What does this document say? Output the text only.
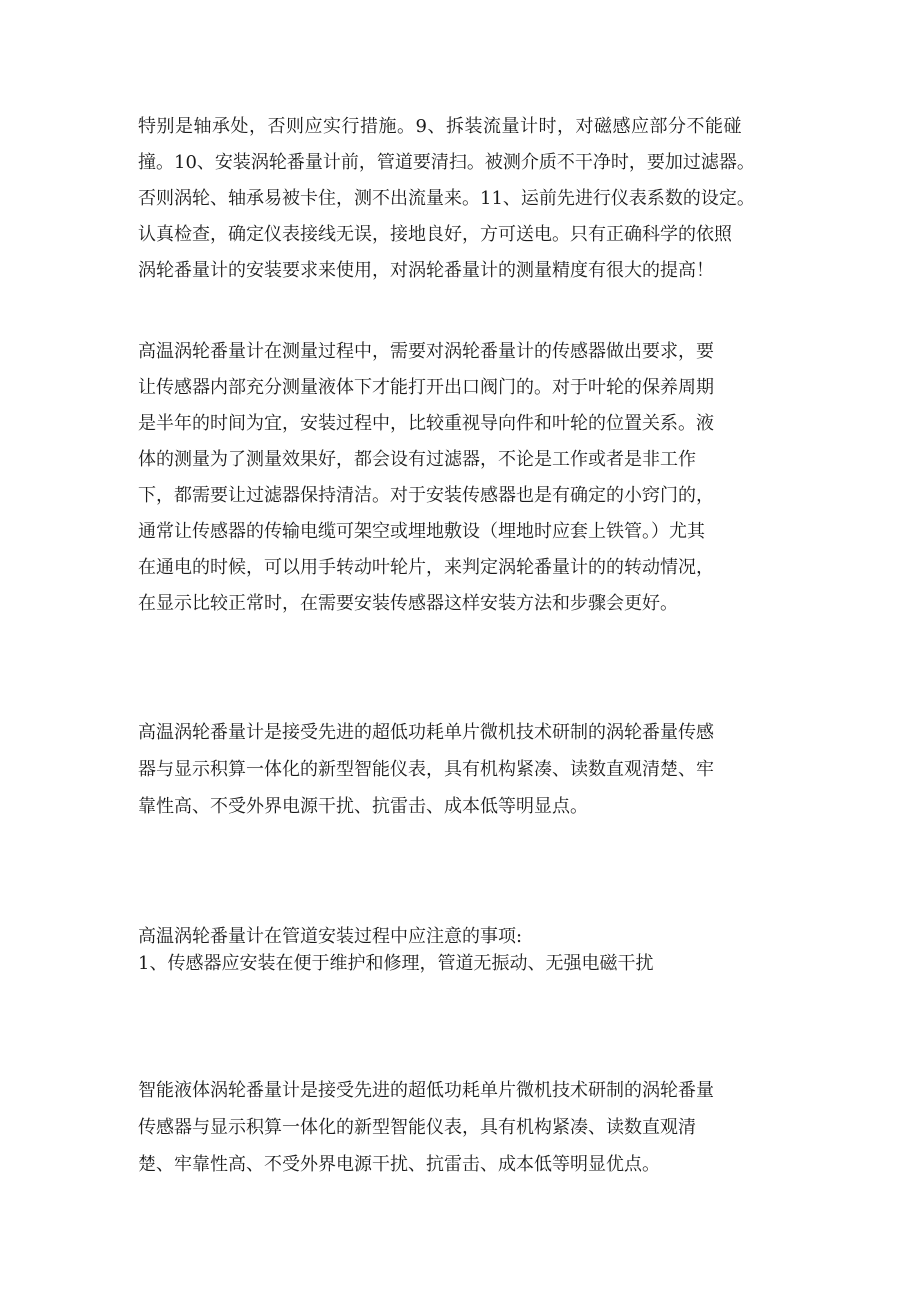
特别是轴承处，否则应实行措施。9、拆装流量计时，对磁感应部分不能碰
撞。10、安装涡轮番量计前，管道要清扫。被测介质不干净时，要加过滤器。
否则涡轮、轴承易被卡住，测不出流量来。11、运前先进行仪表系数的设定。
认真检查，确定仪表接线无误，接地良好，方可送电。只有正确科学的依照
涡轮番量计的安装要求来使用，对涡轮番量计的测量精度有很大的提高！
高温涡轮番量计在测量过程中，需要对涡轮番量计的传感器做出要求，要
让传感器内部充分测量液体下才能打开出口阀门的。对于叶轮的保养周期
是半年的时间为宜，安装过程中，比较重视导向件和叶轮的位置关系。液
体的测量为了测量效果好，都会设有过滤器，不论是工作或者是非工作
下，都需要让过滤器保持清洁。对于安装传感器也是有确定的小窍门的，
通常让传感器的传输电缆可架空或埋地敷设（埋地时应套上铁管。）尤其
在通电的时候，可以用手转动叶轮片，来判定涡轮番量计的的转动情况，
在显示比较正常时，在需要安装传感器这样安装方法和步骤会更好。
高温涡轮番量计是接受先进的超低功耗单片微机技术研制的涡轮番量传感
器与显示积算一体化的新型智能仪表，具有机构紧凑、读数直观清楚、牢
靠性高、不受外界电源干扰、抗雷击、成本低等明显点。
高温涡轮番量计在管道安装过程中应注意的事项:
1、传感器应安装在便于维护和修理，管道无振动、无强电磁干扰
智能液体涡轮番量计是接受先进的超低功耗单片微机技术研制的涡轮番量
传感器与显示积算一体化的新型智能仪表，具有机构紧凑、读数直观清
楚、牢靠性高、不受外界电源干扰、抗雷击、成本低等明显优点。
